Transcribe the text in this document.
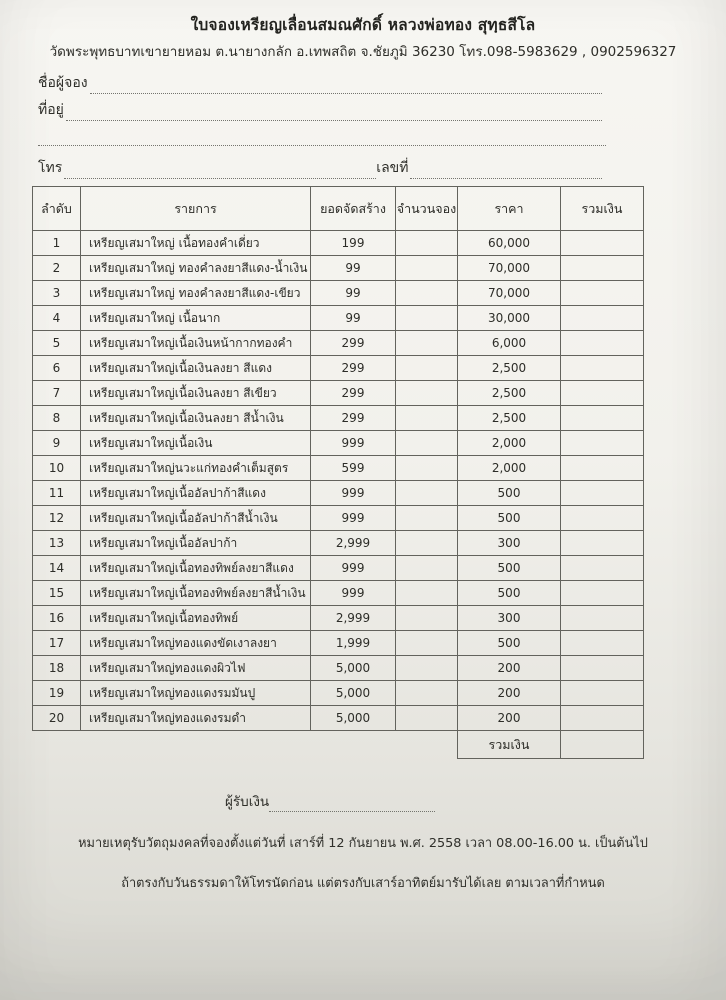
ใบจองเหรียญเลื่อนสมณศักดิ์ หลวงพ่อทอง สุทฺธสีโล
วัดพระพุทธบาทเขายายหอม ต.นายางกลัก อ.เทพสถิต จ.ชัยภูมิ 36230 โทร.098-5983629 , 0902596327
ชื่อผู้จอง
ที่อยู่
โทร	เลขที่
ลำดับ	รายการ	ยอดจัดสร้าง	จำนวนจอง	ราคา	รวมเงิน
1	เหรียญเสมาใหญ่ เนื้อทองคำเดี่ยว	199		60,000	
2	เหรียญเสมาใหญ่ ทองคำลงยาสีแดง-น้ำเงิน	99		70,000	
3	เหรียญเสมาใหญ่ ทองคำลงยาสีแดง-เขียว	99		70,000	
4	เหรียญเสมาใหญ่ เนื้อนาก	99		30,000	
5	เหรียญเสมาใหญ่เนื้อเงินหน้ากากทองคำ	299		6,000	
6	เหรียญเสมาใหญ่เนื้อเงินลงยา สีแดง	299		2,500	
7	เหรียญเสมาใหญ่เนื้อเงินลงยา สีเขียว	299		2,500	
8	เหรียญเสมาใหญ่เนื้อเงินลงยา สีน้ำเงิน	299		2,500	
9	เหรียญเสมาใหญ่เนื้อเงิน	999		2,000	
10	เหรียญเสมาใหญ่นวะแก่ทองคำเต็มสูตร	599		2,000	
11	เหรียญเสมาใหญ่เนื้ออัลปาก้าสีแดง	999		500	
12	เหรียญเสมาใหญ่เนื้ออัลปาก้าสีน้ำเงิน	999		500	
13	เหรียญเสมาใหญ่เนื้ออัลปาก้า	2,999		300	
14	เหรียญเสมาใหญ่เนื้อทองทิพย์ลงยาสีแดง	999		500	
15	เหรียญเสมาใหญ่เนื้อทองทิพย์ลงยาสีน้ำเงิน	999		500	
16	เหรียญเสมาใหญ่เนื้อทองทิพย์	2,999		300	
17	เหรียญเสมาใหญ่ทองแดงขัดเงาลงยา	1,999		500	
18	เหรียญเสมาใหญ่ทองแดงผิวไฟ	5,000		200	
19	เหรียญเสมาใหญ่ทองแดงรมมันปู	5,000		200	
20	เหรียญเสมาใหญ่ทองแดงรมดำ	5,000		200	
				รวมเงิน	
ผู้รับเงิน
หมายเหตุรับวัตถุมงคลที่จองตั้งแต่วันที่ เสาร์ที่ 12 กันยายน พ.ศ. 2558 เวลา 08.00-16.00 น. เป็นต้นไป
ถ้าตรงกับวันธรรมดาให้โทรนัดก่อน แต่ตรงกับเสาร์อาทิตย์มารับได้เลย ตามเวลาที่กำหนด
